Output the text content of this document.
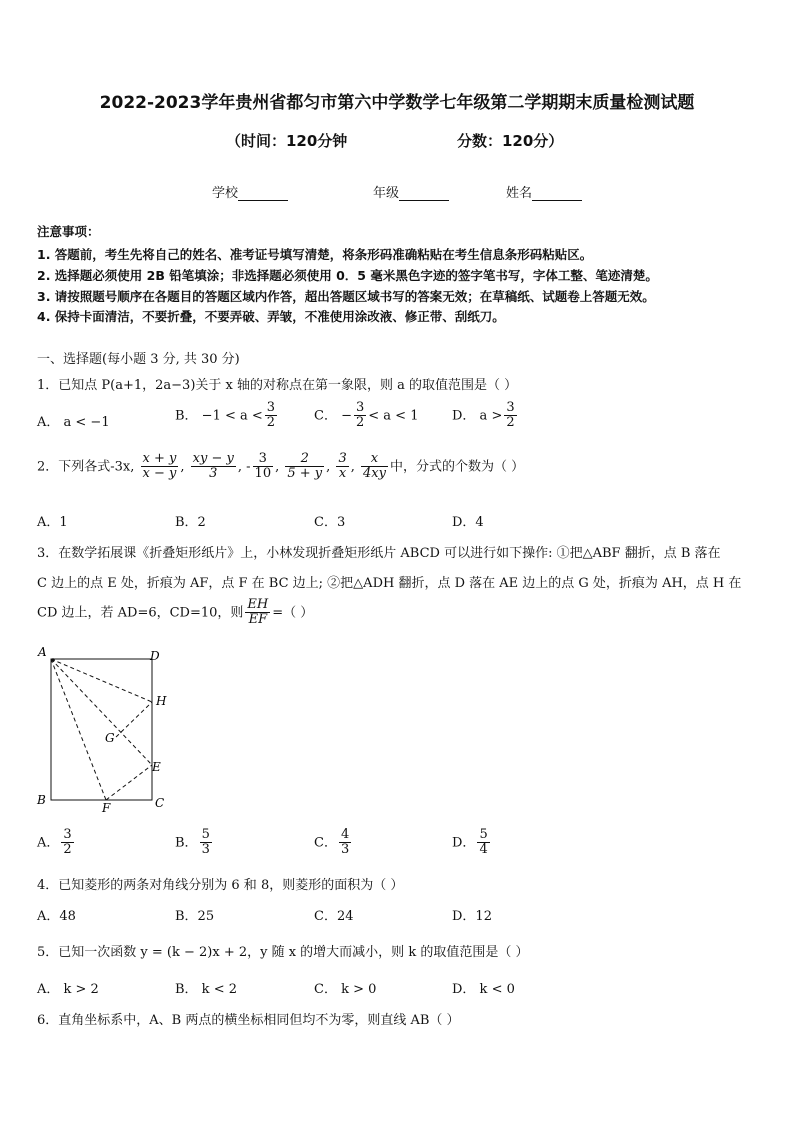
2022-2023学年贵州省都匀市第六中学数学七年级第二学期期末质量检测试题
（时间：120分钟	分数：120分）
学校	年级	姓名
注意事项：
1. 答题前，考生先将自己的姓名、准考证号填写清楚，将条形码准确粘贴在考生信息条形码粘贴区。
2. 选择题必须使用 2B 铅笔填涂；非选择题必须使用 0．5 毫米黑色字迹的签字笔书写，字体工整、笔迹清楚。
3. 请按照题号顺序在各题目的答题区域内作答，超出答题区域书写的答案无效；在草稿纸、试题卷上答题无效。
4. 保持卡面清洁，不要折叠，不要弄破、弄皱，不准使用涂改液、修正带、刮纸刀。
一、选择题(每小题 3 分, 共 30 分)
1．已知点 P(a+1，2a−3)关于 x 轴的对称点在第一象限，则 a 的取值范围是（ ）
A． a < −1	B． $-1 < a < \frac{3}{2}$	C． − $\frac{3}{2} < a < 1$	D． $a > \frac{3}{2}$
2．下列各式-3x, $\frac{x + y}{x - y}$ , $\frac{xy - y}{3}$ , - $\frac{3}{10}$ , $\frac{2}{5 + y}$ , $\frac{3}{x}$ , $\frac{x}{4xy}$ 中，分式的个数为（ ）
A．1	B．2	C．3	D．4
3．在数学拓展课《折叠矩形纸片》上，小林发现折叠矩形纸片 ABCD 可以进行如下操作: ①把△ABF 翻折，点 B 落在
C 边上的点 E 处，折痕为 AF，点 F 在 BC 边上; ②把△ADH 翻折，点 D 落在 AE 边上的点 G 处，折痕为 AH，点 H 在
CD 边上，若 AD=6，CD=10，则 $\frac{EH}{EF}$ =（ ）
A	D
H
G
E
B
F	C
A． $\frac{3}{2}$	B． $\frac{5}{3}$	C． $\frac{4}{3}$	D． $\frac{5}{4}$
4．已知菱形的两条对角线分别为 6 和 8，则菱形的面积为（ ）
A．48	B．25	C．24	D．12
5．已知一次函数 y = (k − 2)x + 2，y 随 x 的增大而减小，则 k 的取值范围是（ ）
A． k > 2	B． k < 2	C． k > 0	D． k < 0
6．直角坐标系中，A、B 两点的横坐标相同但均不为零，则直线 AB（ ）
